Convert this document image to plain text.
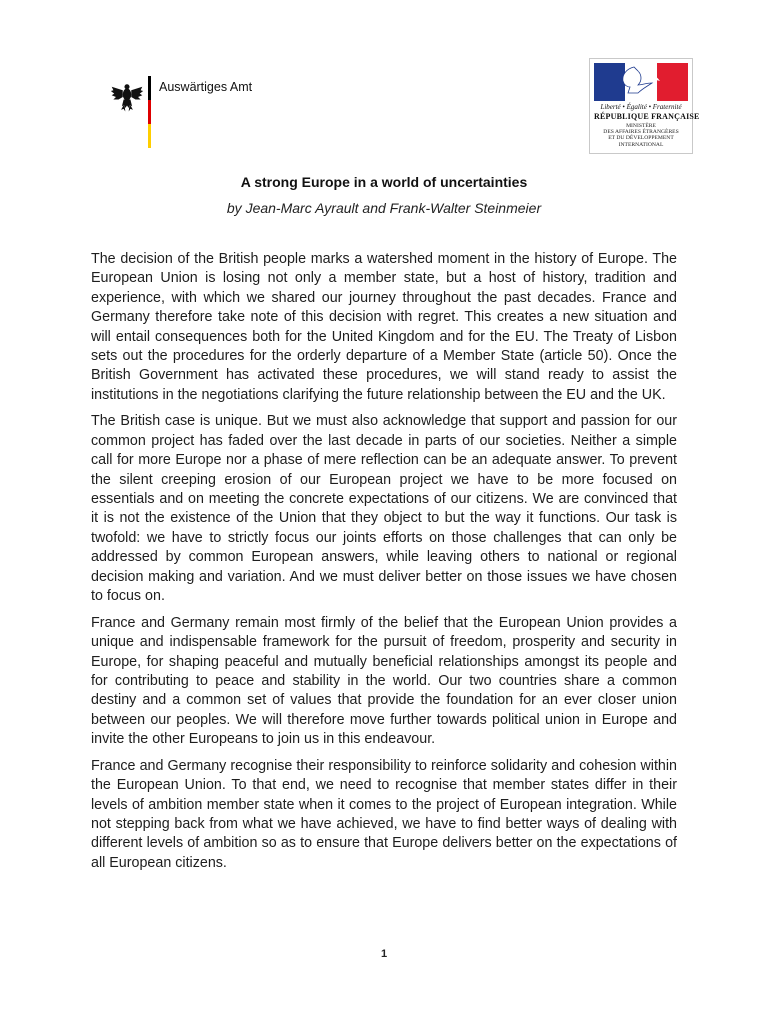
Auswärtiges Amt
Liberté • Égalité • Fraternité
RÉPUBLIQUE FRANÇAISE
MINISTÈRE
DES AFFAIRES ÉTRANGÈRES
ET DU DÉVELOPPEMENT
INTERNATIONAL
A strong Europe in a world of uncertainties
by Jean-Marc Ayrault and Frank-Walter Steinmeier

The decision of the British people marks a watershed moment in the history of Europe. The European Union is losing not only a member state, but a host of history, tradition and experience, with which we shared our journey throughout the past decades. France and Germany therefore take note of this decision with regret. This creates a new situation and will entail consequences both for the United Kingdom and for the EU. The Treaty of Lisbon sets out the procedures for the orderly departure of a Member State (article 50). Once the British Government has activated these procedures, we will stand ready to assist the institutions in the negotiations clarifying the future relationship between the EU and the UK.

The British case is unique. But we must also acknowledge that support and passion for our common project has faded over the last decade in parts of our societies. Neither a simple call for more Europe nor a phase of mere reflection can be an adequate answer. To prevent the silent creeping erosion of our European project we have to be more focused on essentials and on meeting the concrete expectations of our citizens. We are convinced that it is not the existence of the Union that they object to but the way it functions. Our task is twofold: we have to strictly focus our joints efforts on those challenges that can only be addressed by common European answers, while leaving others to national or regional decision making and variation. And we must deliver better on those issues we have chosen to focus on.

France and Germany remain most firmly of the belief that the European Union provides a unique and indispensable framework for the pursuit of freedom, prosperity and security in Europe, for shaping peaceful and mutually beneficial relationships amongst its people and for contributing to peace and stability in the world. Our two countries share a common destiny and a common set of values that provide the foundation for an ever closer union between our peoples. We will therefore move further towards political union in Europe and invite the other Europeans to join us in this endeavour.

France and Germany recognise their responsibility to reinforce solidarity and cohesion within the European Union. To that end, we need to recognise that member states differ in their levels of ambition member state when it comes to the project of European integration. While not stepping back from what we have achieved, we have to find better ways of dealing with different levels of ambition so as to ensure that Europe delivers better on the expectations of all European citizens.

1
